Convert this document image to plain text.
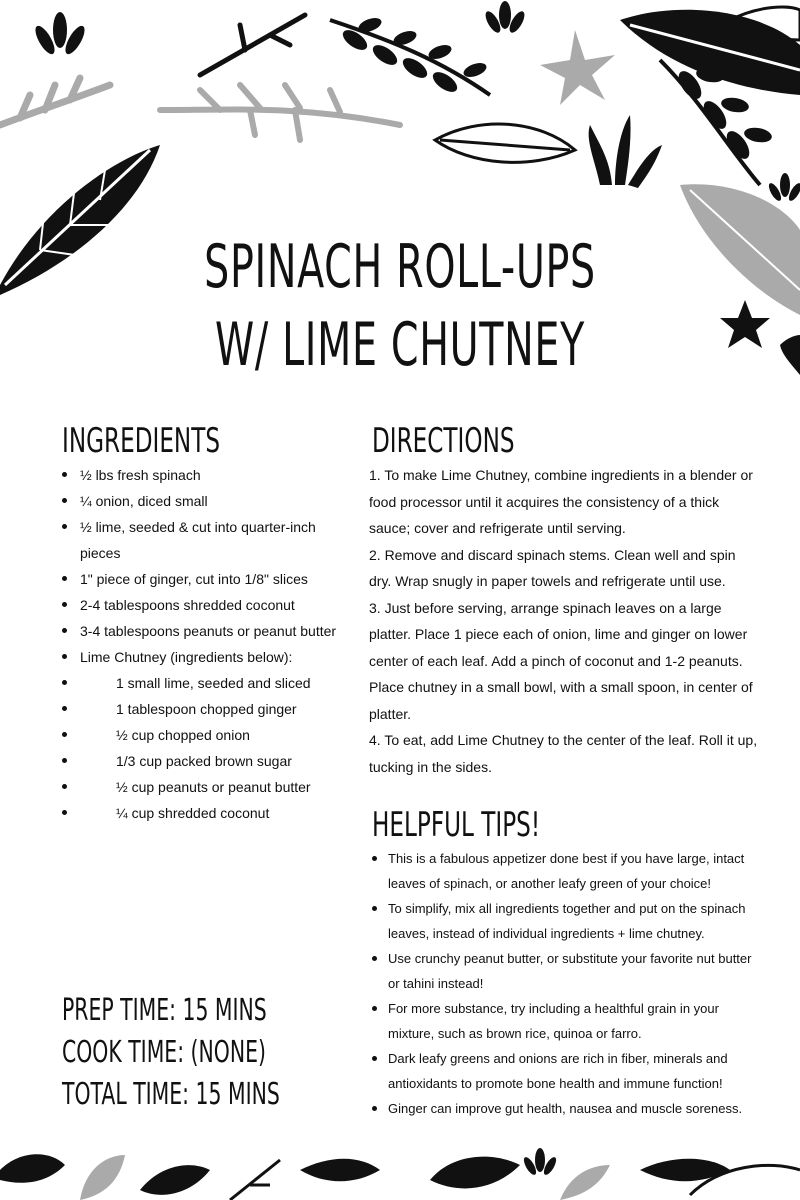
SPINACH ROLL-UPS
W/ LIME CHUTNEY
INGREDIENTS
½ lbs fresh spinach
¼ onion, diced small
½ lime, seeded & cut into quarter-inch pieces
1" piece of ginger, cut into 1/8" slices
2-4 tablespoons shredded coconut
3-4 tablespoons peanuts or peanut butter
Lime Chutney (ingredients below):
1 small lime, seeded and sliced
1 tablespoon chopped ginger
½ cup chopped onion
1/3 cup packed brown sugar
½ cup peanuts or peanut butter
¼ cup shredded coconut
DIRECTIONS

1. To make Lime Chutney, combine ingredients in a blender or food processor until it acquires the consistency of a thick sauce; cover and refrigerate until serving.

2. Remove and discard spinach stems. Clean well and spin dry. Wrap snugly in paper towels and refrigerate until use.

3. Just before serving, arrange spinach leaves on a large platter. Place 1 piece each of onion, lime and ginger on lower center of each leaf. Add a pinch of coconut and 1-2 peanuts. Place chutney in a small bowl, with a small spoon, in center of platter.

4. To eat, add Lime Chutney to the center of the leaf. Roll it up, tucking in the sides.

HELPFUL TIPS!
This is a fabulous appetizer done best if you have large, intact leaves of spinach, or another leafy green of your choice!
To simplify, mix all ingredients together and put on the spinach leaves, instead of individual ingredients + lime chutney.
Use crunchy peanut butter, or substitute your favorite nut butter or tahini instead!
For more substance, try including a healthful grain in your mixture, such as brown rice, quinoa or farro.
Dark leafy greens and onions are rich in fiber, minerals and antioxidants to promote bone health and immune function!
Ginger can improve gut health, nausea and muscle soreness.
PREP TIME: 15 MINS
COOK TIME: (NONE)
TOTAL TIME: 15 MINS
